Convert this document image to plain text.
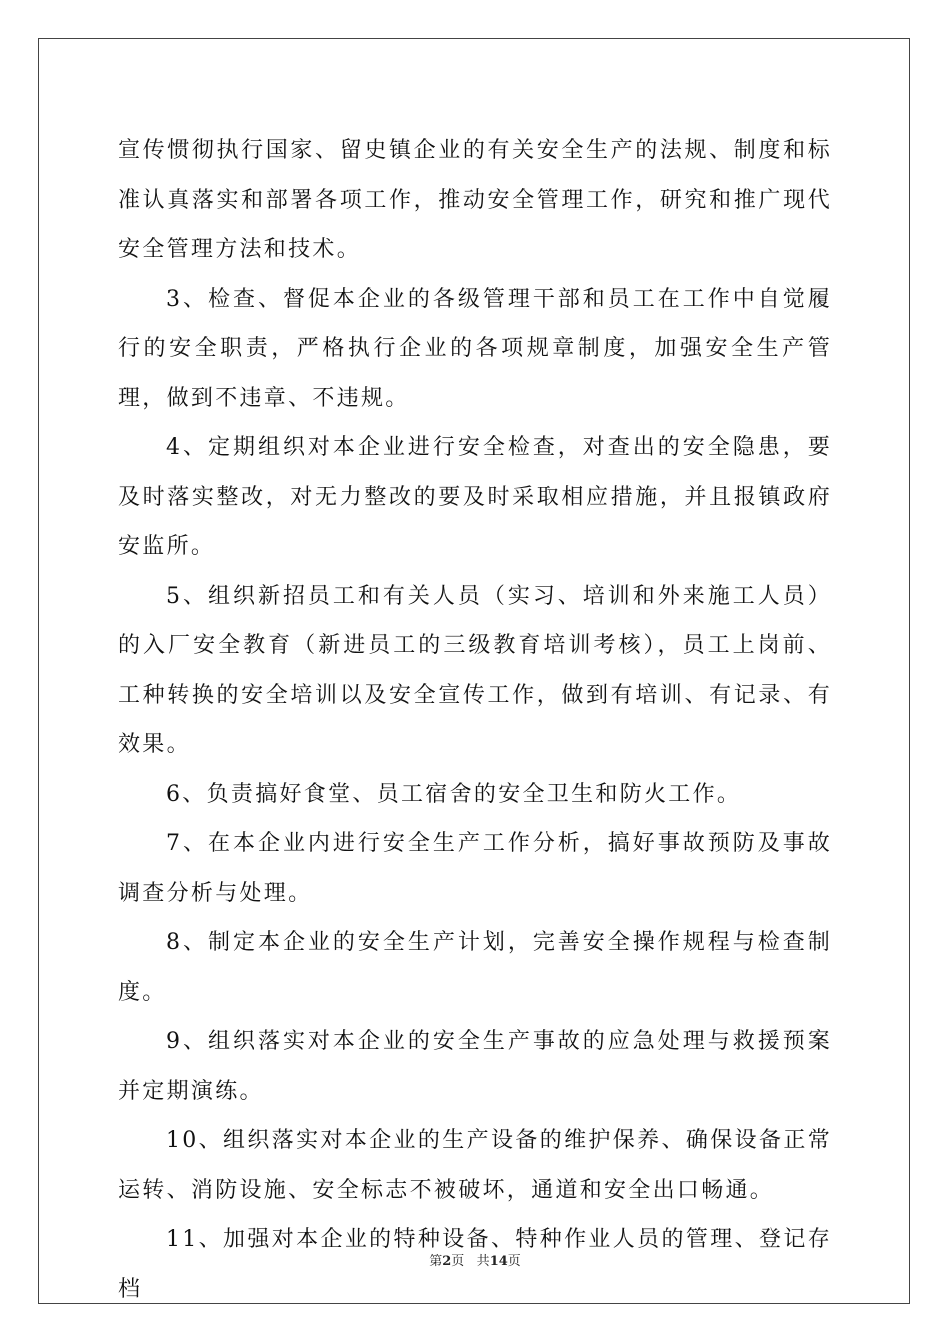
宣传惯彻执行国家、留史镇企业的有关安全生产的法规、制度和标准认真落实和部署各项工作，推动安全管理工作，研究和推广现代安全管理方法和技术。

3、检查、督促本企业的各级管理干部和员工在工作中自觉履行的安全职责，严格执行企业的各项规章制度，加强安全生产管理，做到不违章、不违规。

4、定期组织对本企业进行安全检查，对查出的安全隐患，要及时落实整改，对无力整改的要及时采取相应措施，并且报镇政府安监所。

5、组织新招员工和有关人员（实习、培训和外来施工人员）的入厂安全教育（新进员工的三级教育培训考核），员工上岗前、工种转换的安全培训以及安全宣传工作，做到有培训、有记录、有效果。

6、负责搞好食堂、员工宿舍的安全卫生和防火工作。

7、在本企业内进行安全生产工作分析，搞好事故预防及事故调查分析与处理。

8、制定本企业的安全生产计划，完善安全操作规程与检查制度。

9、组织落实对本企业的安全生产事故的应急处理与救援预案并定期演练。

10、组织落实对本企业的生产设备的维护保养、确保设备正常运转、消防设施、安全标志不被破坏，通道和安全出口畅通。

11、加强对本企业的特种设备、特种作业人员的管理、登记存档

第2页 共14页
